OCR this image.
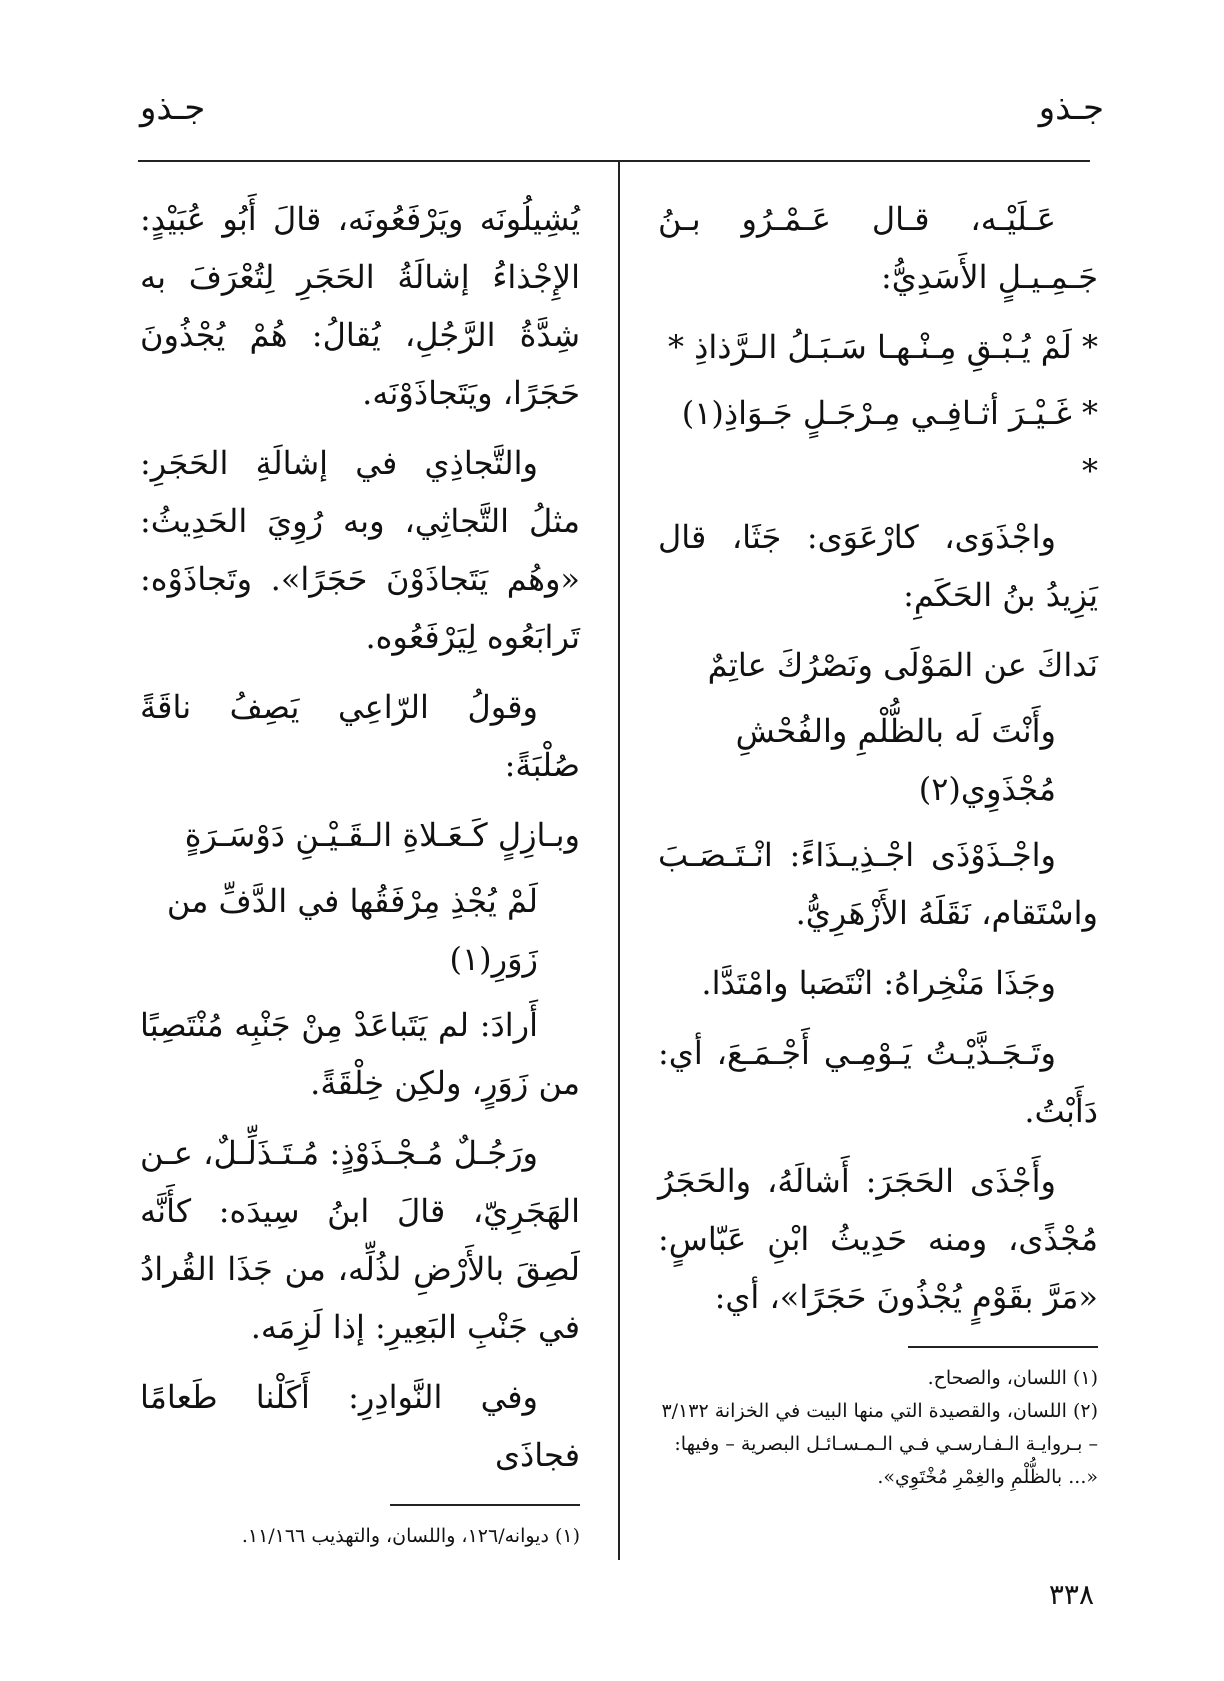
جـذو
جـذو

عَـلَيْـه، قـال عَـمْـرُو بـنُ جَـمِـيـلٍ الأَسَدِيُّ:

* لَمْ يُـبْـقِ مِـنْـهـا سَـبَـلُ الـرَّذاذِ *

* غَـيْـرَ أثـافِـي مِـرْجَـلٍ جَـوَاذِ(١) *

واجْذَوَى، كارْعَوَى: جَثَا، قال يَزِيدُ بنُ الحَكَمِ:

نَداكَ عن المَوْلَى ونَصْرُكَ عاتِمٌ

وأَنْتَ لَه بالظُّلْمِ والفُحْشِ مُجْذَوِي(٢)

واجْـذَوْذَى اجْـذِيـذَاءً: انْـتَـصَـبَ واسْتَقام، نَقَلَهُ الأَزْهَرِيُّ.

وجَذَا مَنْخِراهُ: انْتَصَبا وامْتَدَّا.

وتَـجَـذَّيْـتُ يَـوْمِـي أَجْـمَـعَ، أي: دَأَبْتُ.

وأَجْذَى الحَجَرَ: أَشالَهُ، والحَجَرُ مُجْذًى، ومنه حَدِيثُ ابْنِ عَبّاسٍ: «مَرَّ بقَوْمٍ يُجْذُونَ حَجَرًا»، أي:

(١) اللسان، والصحاح.

(٢) اللسان، والقصيدة التي منها البيت في الخزانة ٣/١٣٢ – بـروايـة الـفـارسـي فـي الـمـسـائـل البصرية – وفيها: «... بالظُّلْمِ والغِمْرِ مُخْتَوِي».

يُشِيلُونَه ويَرْفَعُونَه، قالَ أَبُو عُبَيْدٍ: الإِجْذاءُ إشالَةُ الحَجَرِ لِتُعْرَفَ به شِدَّةُ الرَّجُلِ، يُقالُ: هُمْ يُجْذُونَ حَجَرًا، ويَتَجاذَوْنَه.

والتَّجاذِي في إشالَةِ الحَجَرِ: مثلُ التَّجاثِي، وبه رُوِيَ الحَدِيثُ: «وهُم يَتَجاذَوْنَ حَجَرًا». وتَجاذَوْه: تَرابَعُوه لِيَرْفَعُوه.

وقولُ الرّاعِي يَصِفُ ناقَةً صُلْبَةً:

وبـازِلٍ كَـعَـلاةِ الـقَـيْـنِ دَوْسَـرَةٍ

لَمْ يُجْذِ مِرْفَقُها في الدَّفِّ من زَوَرِ(١)

أَرادَ: لم يَتَباعَدْ مِنْ جَنْبِه مُنْتَصِبًا من زَوَرٍ، ولكِن خِلْقَةً.

ورَجُـلٌ مُـجْـذَوْذٍ: مُـتَـذَلِّـلٌ، عـن الهَجَرِيّ، قالَ ابنُ سِيدَه: كأَنَّه لَصِقَ بالأَرْضِ لذُلِّه، من جَذَا القُرادُ في جَنْبِ البَعِيرِ: إذا لَزِمَه.

وفي النَّوادِرِ: أَكَلْنا طَعامًا فجاذَى

(١) ديوانه/١٢٦، واللسان، والتهذيب ١١/١٦٦.

٣٣٨
